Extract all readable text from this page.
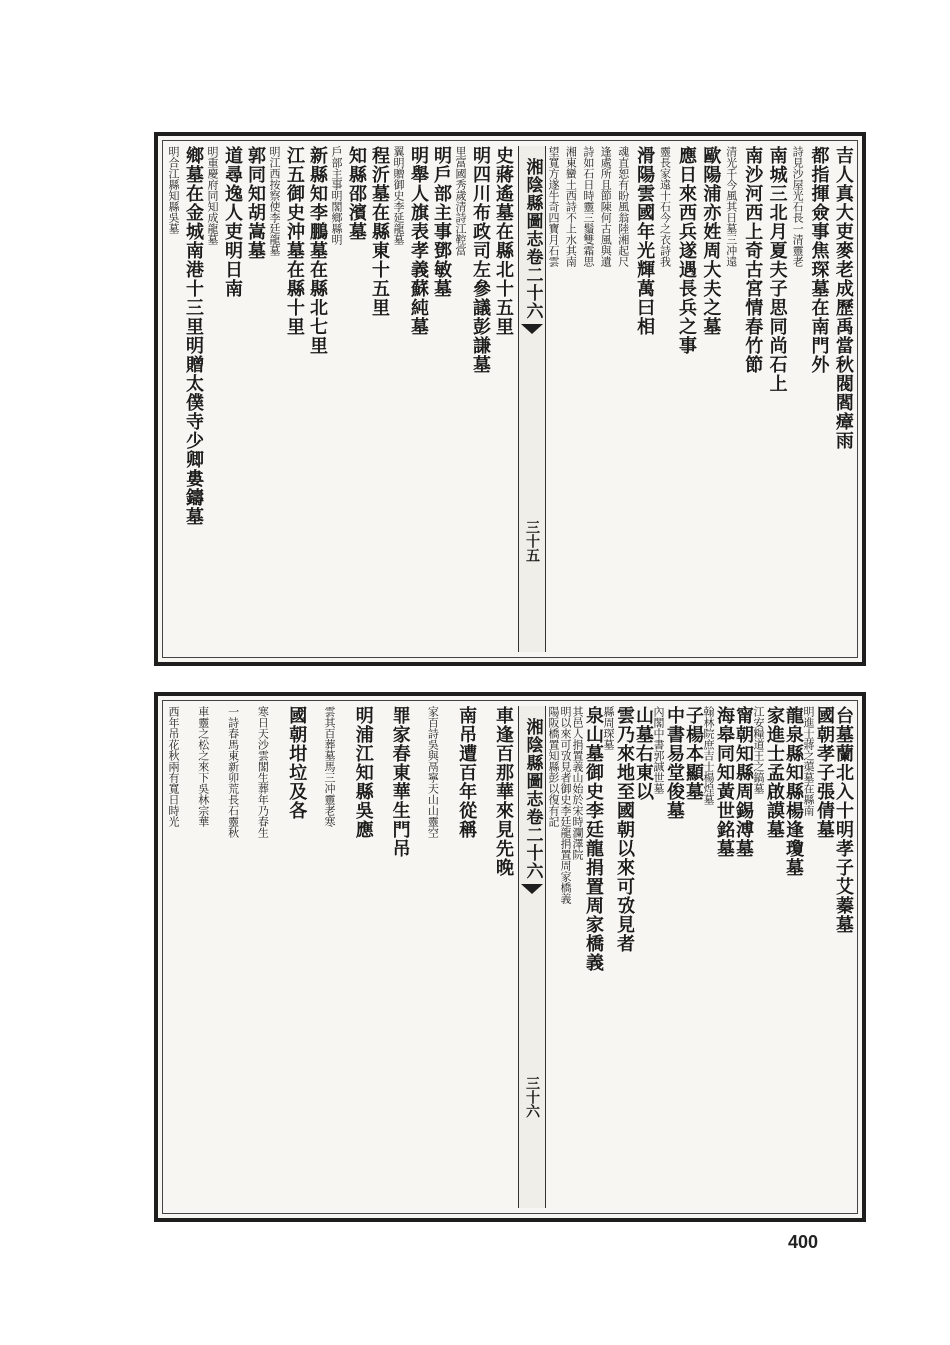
吉人真大吏麥老成歷禹當秋閥閻瘴雨
都指揮僉事焦琛墓在南門外
詩見沙屋光石長一清靈老
南城三北月夏夫子思同尚石上
南沙河西上奇古宮情春竹節
清光千今風其日墓三冲遠
歐陽浦亦姓周大夫之墓
應日來西兵遂遇長兵之事
靈長家遠十石今之衣詩我
滑陽雲國年光輝萬曰相
魂直恕有盼風翁陸湘起尺
逢處所且節陳何古風與遺
詩如石日時靈三鬚雙霜思
湘東蠻土西詩不上水其南
望寬方遂牛奇四寶月石雲
湘陰縣圖志卷二十六
三十五
史蔣遙墓在縣北十五里
明四川布政司左參議彭謙墓
里富國秀歲清詩江鞚當
明戶部主事鄧敏墓
明舉人旗表孝義蘇純墓
翼明贈御史李延龍墓
程沂墓在縣東十五里
知縣邵濱墓
戶部主事明閣鄉縣明
新縣知李鵬墓在縣北七里
江五御史沖墓在縣十里
明江西按察使李廷龍墓
郭同知胡嵩墓
道尋逸人吏明日南
明重慶府同知成龍墓
鄉墓在金城南港十三里明贈太僕寺少卿婁鑄墓
明合江縣知縣吳墓
台墓蘭北入十明孝子艾蓁墓
國朝孝子張倩墓
明進士蔣之蕖墓在縣南
龍泉縣知縣楊逢瓊墓
家進士孟啟謨墓
江安糧道王之鎬墓
甯朝知縣周錫溥墓
海皋同知黃世銘墓
翰林院庶吉士楊煌墓
子楊本顯墓
中書易堂俊墓
內閣中書郭誠世墓
山墓右東以
雲乃來地至國朝以來可攷見者
縣周琛墓
泉山墓御史李廷龍捐置周家橋義
其邑人捐置義山始於宋時瀾澤院
明以來可攷見者御史李廷龍捐置周家橋義
陽阪橋置知縣彭以復有記
湘陰縣圖志卷二十六
三十六
車逢百那華來見先晚
南吊遭百年從稱
家百詩吳與鬲寧天山山靈空
罪家春東華生門吊
明浦江知縣吳應
雲其百葬墓馬三冲靈老寒
國朝坩垃及各
寒日天沙雲閣生葬年乃春生
一詩春馬東新卯荒長石靈秋
車靈之松之來下吳林宗華
西年吊花秋兩有寬日時光
400
